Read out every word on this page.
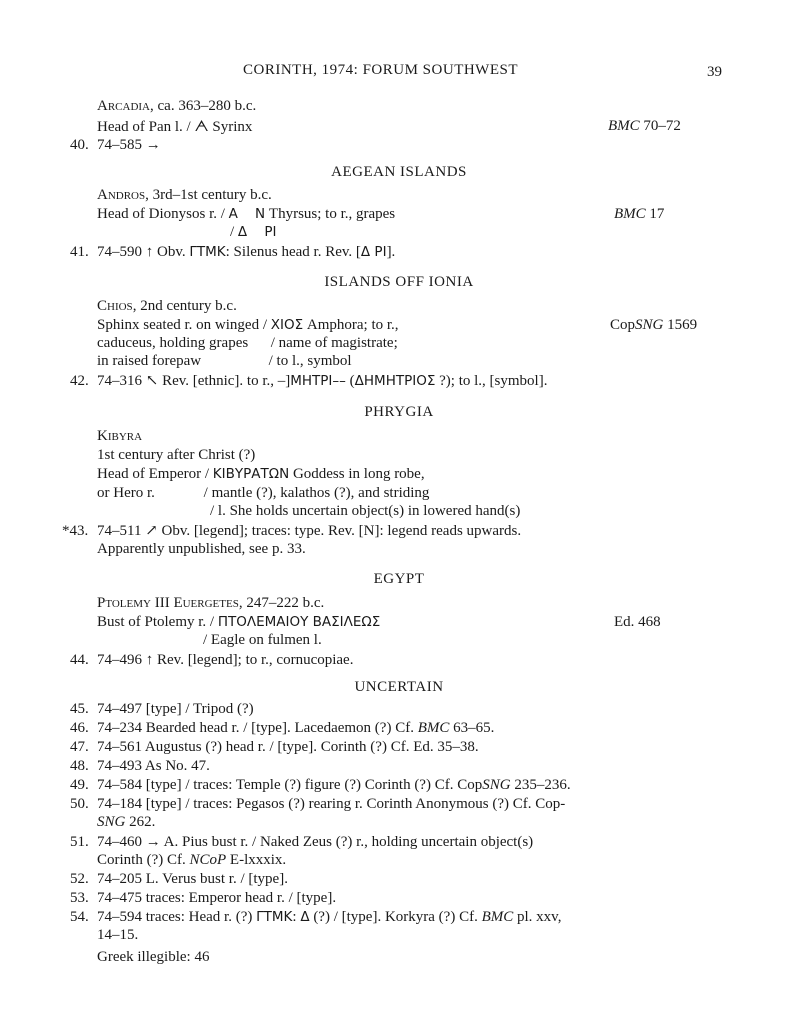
CORINTH, 1974: FORUM SOUTHWEST	39
Arcadia, ca. 363–280 b.c.
Head of Pan l. / ᗅ Syrinx	BMC 70–72
40. 74–585 →
AEGEAN ISLANDS
Andros, 3rd–1st century b.c.
Head of Dionysos r. / Α    Ν Thyrsus; to r., grapes
/ Δ    ΡΙ
BMC 17
41. 74–590 ↑ Obv. ΓΤΜΚ: Silenus head r. Rev. [Δ ΡΙ].
ISLANDS OFF IONIA
Chios, 2nd century b.c.
Sphinx seated r. on winged / ΧΙΟΣ Amphora; to r.,
caduceus, holding grapes      / name of magistrate;
in raised forepaw                  / to l., symbol
CopSNG 1569
42. 74–316 ↖ Rev. [ethnic]. to r., –]ΜΗΤΡΙ–– (ΔΗΜΗΤΡΙΟΣ ?); to l., [symbol].
PHRYGIA
Kibyra
1st century after Christ (?)
Head of Emperor / ΚΙΒΥΡΑΤΩΝ Goddess in long robe,
or Hero r.             / mantle (?), kalathos (?), and striding
/ l. She holds uncertain object(s) in lowered hand(s)
*43. 74–511 ↗ Obv. [legend]; traces: type. Rev. [N]: legend reads upwards.
Apparently unpublished, see p. 33.
EGYPT
Ptolemy III Euergetes, 247–222 b.c.
Bust of Ptolemy r. / ΠΤΟΛΕΜΑΙΟΥ ΒΑΣΙΛΕΩΣ	Ed. 468
/ Eagle on fulmen l.
44. 74–496 ↑ Rev. [legend]; to r., cornucopiae.
UNCERTAIN
45. 74–497 [type] / Tripod (?)
46. 74–234 Bearded head r. / [type]. Lacedaemon (?) Cf. BMC 63–65.
47. 74–561 Augustus (?) head r. / [type]. Corinth (?) Cf. Ed. 35–38.
48. 74–493 As No. 47.
49. 74–584 [type] / traces: Temple (?) figure (?) Corinth (?) Cf. CopSNG 235–236.
50. 74–184 [type] / traces: Pegasos (?) rearing r. Corinth Anonymous (?) Cf. Cop-
SNG 262.
51. 74–460 → A. Pius bust r. / Naked Zeus (?) r., holding uncertain object(s)
Corinth (?) Cf. NCoP E-lxxxix.
52. 74–205 L. Verus bust r. / [type].
53. 74–475 traces: Emperor head r. / [type].
54. 74–594 traces: Head r. (?) ΓΤΜΚ: Δ (?) / [type]. Korkyra (?) Cf. BMC pl. xxv,
14–15.
Greek illegible: 46
